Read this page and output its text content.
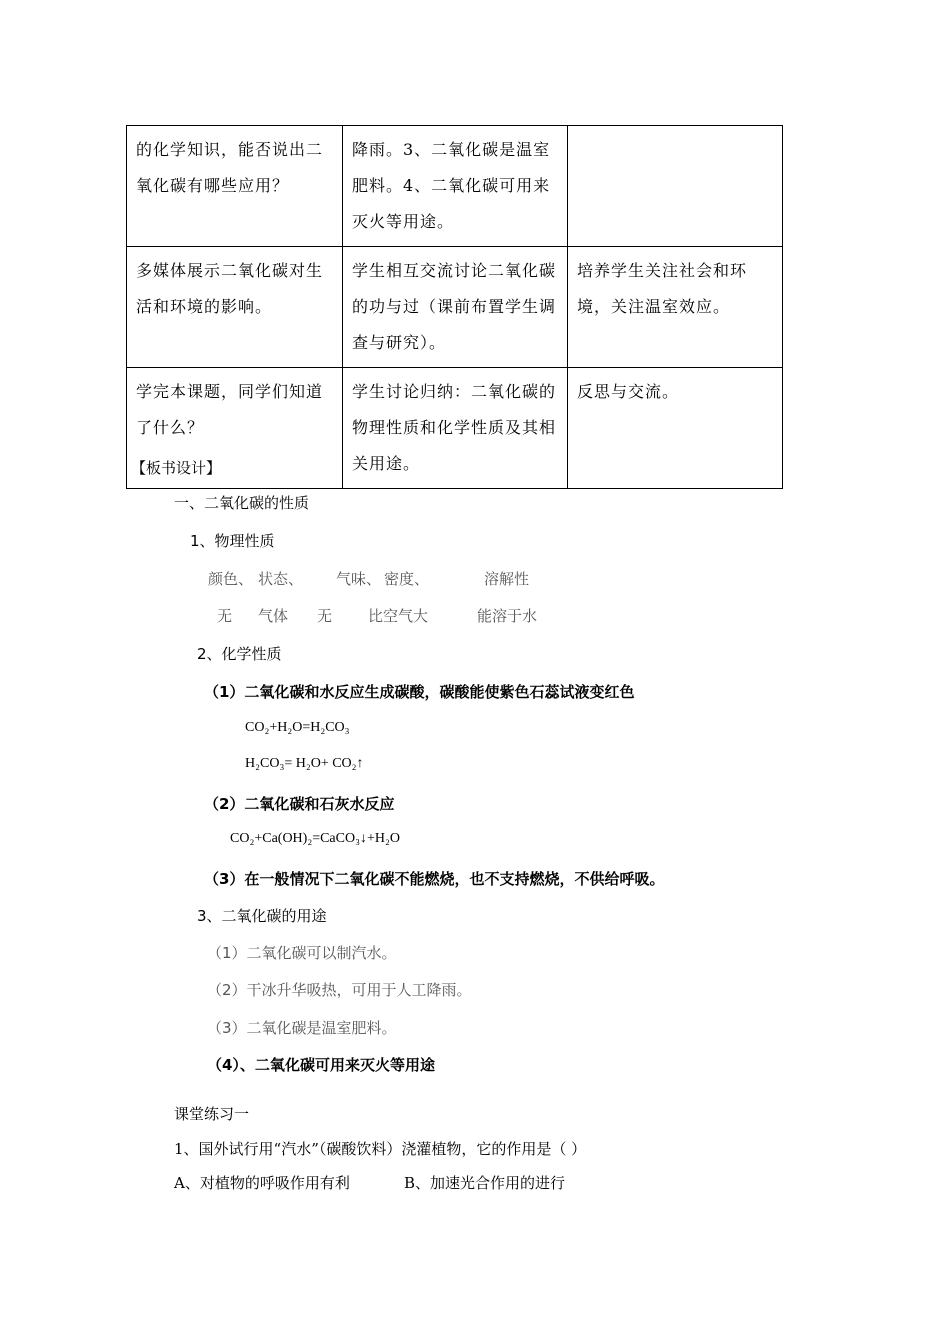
的化学知识，能否说出二氧化碳有哪些应用？	降雨。3、二氧化碳是温室肥料。4、二氧化碳可用来灭火等用途。	
多媒体展示二氧化碳对生活和环境的影响。	学生相互交流讨论二氧化碳的功与过（课前布置学生调查与研究）。	培养学生关注社会和环境，关注温室效应。
学完本课题，同学们知道了什么？	学生讨论归纳：二氧化碳的物理性质和化学性质及其相关用途。	反思与交流。
【板书设计】
一、二氧化碳的性质
1、物理性质
颜色、 状态、 气味、 密度、	溶解性
无 气体 无 比空气大	能溶于水
2、化学性质
（1）二氧化碳和水反应生成碳酸，碳酸能使紫色石蕊试液变红色
CO₂+H₂O=H₂CO₃
H₂CO₃= H₂O+ CO₂↑
（2）二氧化碳和石灰水反应
CO₂+Ca(OH)₂=CaCO₃↓+H₂O
（3）在一般情况下二氧化碳不能燃烧，也不支持燃烧，不供给呼吸。
3、二氧化碳的用途
（1）二氧化碳可以制汽水。
（2）干冰升华吸热，可用于人工降雨。
（3）二氧化碳是温室肥料。
（4）、二氧化碳可用来灭火等用途
课堂练习一
1、国外试行用“汽水”（碳酸饮料）浇灌植物，它的作用是（ ）
A、对植物的呼吸作用有利	B、加速光合作用的进行
